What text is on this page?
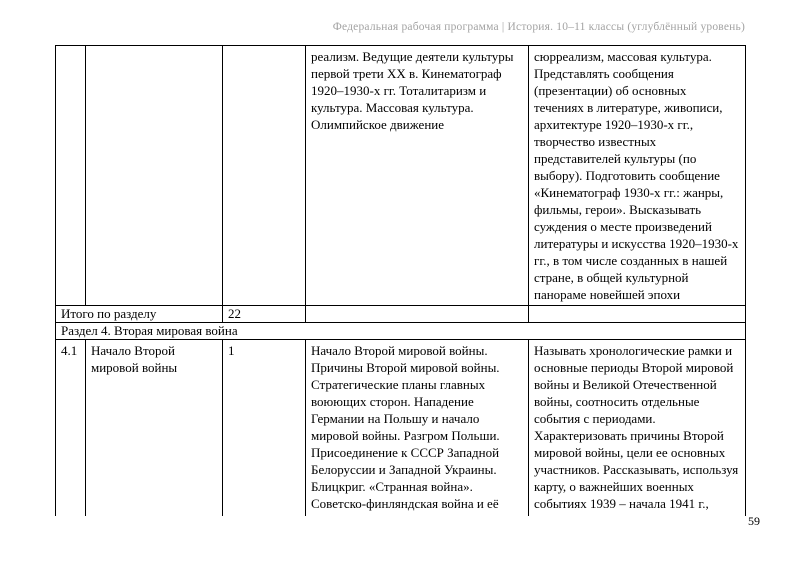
Федеральная рабочая программа | История. 10–11 классы (углублённый уровень)
			реализм. Ведущие деятели культуры первой трети XX в. Кинематограф 1920–1930-х гг. Тоталитаризм и культура. Массовая культура. Олимпийское движение	сюрреализм, массовая культура. Представлять сообщения (презентации) об основных течениях в литературе, живописи, архитектуре 1920–1930-х гг., творчество известных представителей культуры (по выбору). Подготовить сообщение «Кинематограф 1930-х гг.: жанры, фильмы, герои». Высказывать суждения о месте произведений литературы и искусства 1920–1930-х гг., в том числе созданных в нашей стране, в общей культурной панораме новейшей эпохи
Итого по разделу		22		
Раздел 4. Вторая мировая война				
4.1	Начало Второй мировой войны	1	Начало Второй мировой войны. Причины Второй мировой войны. Стратегические планы главных воюющих сторон. Нападение Германии на Польшу и начало мировой войны. Разгром Польши. Присоединение к СССР Западной Белоруссии и Западной Украины. Блицкриг. «Странная война». Советско-финляндская война и её	Называть хронологические рамки и основные периоды Второй мировой войны и Великой Отечественной войны, соотносить отдельные события с периодами. Характеризовать причины Второй мировой войны, цели ее основных участников. Рассказывать, используя карту, о важнейших военных событиях 1939 – начала 1941 г.,
59
